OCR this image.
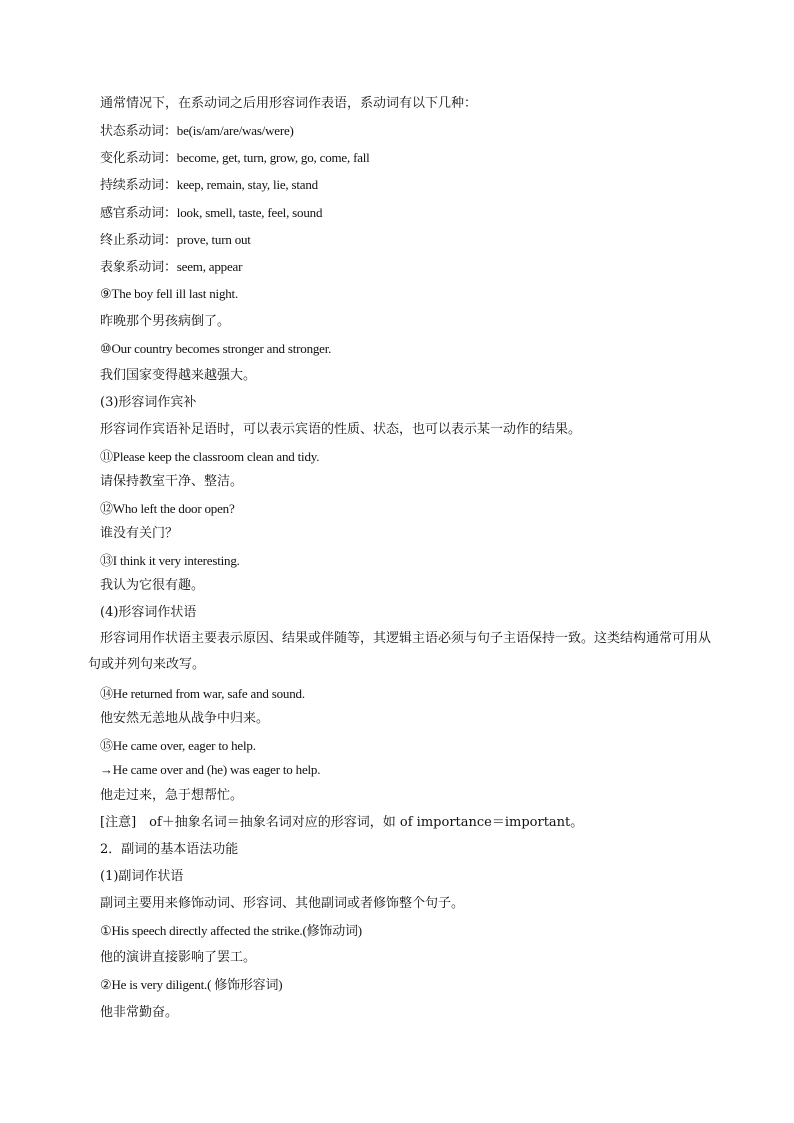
通常情况下，在系动词之后用形容词作表语，系动词有以下几种：
状态系动词：be(is/am/are/was/were)
变化系动词：become, get, turn, grow, go, come, fall
持续系动词：keep, remain, stay, lie, stand
感官系动词：look, smell, taste, feel, sound
终止系动词：prove, turn out
表象系动词：seem, appear
⑨The boy fell ill last night.
昨晚那个男孩病倒了。
⑩Our country becomes stronger and stronger.
我们国家变得越来越强大。
(3)形容词作宾补
形容词作宾语补足语时，可以表示宾语的性质、状态，也可以表示某一动作的结果。
⑪Please keep the classroom clean and tidy.
请保持教室干净、整洁。
⑫Who left the door open?
谁没有关门？
⑬I think it very interesting.
我认为它很有趣。
(4)形容词作状语
形容词用作状语主要表示原因、结果或伴随等，其逻辑主语必须与句子主语保持一致。这类结构通常可用从句或并列句来改写。
⑭He returned from war, safe and sound.
他安然无恙地从战争中归来。
⑮He came over, eager to help.
→He came over and (he) was eager to help.
他走过来，急于想帮忙。
[注意]　of＋抽象名词＝抽象名词对应的形容词，如 of importance＝important。
2．副词的基本语法功能
(1)副词作状语
副词主要用来修饰动词、形容词、其他副词或者修饰整个句子。
①His speech directly affected the strike.(修饰动词)
他的演讲直接影响了罢工。
②He is very diligent.( 修饰形容词)
他非常勤奋。
